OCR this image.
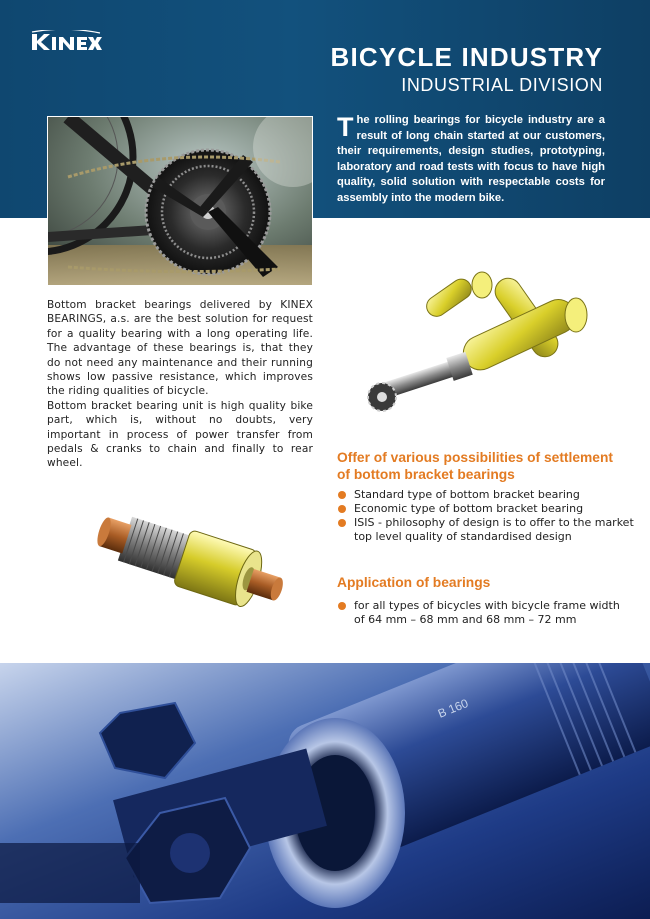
BICYCLE INDUSTRY
INDUSTRIAL DIVISION
The rolling bearings for bicycle industry are a result of long chain started at our customers, their requirements, design studies, prototyping, laboratory and road tests with focus to have high quality, solid solution with respectable costs for assembly into the modern bike.

Bottom bracket bearings delivered by KINEX BEARINGS, a.s. are the best solution for request for a quality bearing with a long operating life. The advantage of these bearings is, that they do not need any maintenance and their running shows low passive resistance, which improves the riding qualities of bicycle.

Bottom bracket bearing unit is high quality bike part, which is, without no doubts, very important in process of power transfer from pedals & cranks to chain and finally to rear wheel.	Offer of various possibilities of settlement of bottom bracket bearings
Standard type of bottom bracket bearing
Economic type of bottom bracket bearing
ISIS - philosophy of design is to offer to the market top level quality of standardised design
Application of bearings
for all types of bicycles with bicycle frame width of 64 mm – 68 mm and 68 mm – 72 mm
B 160
